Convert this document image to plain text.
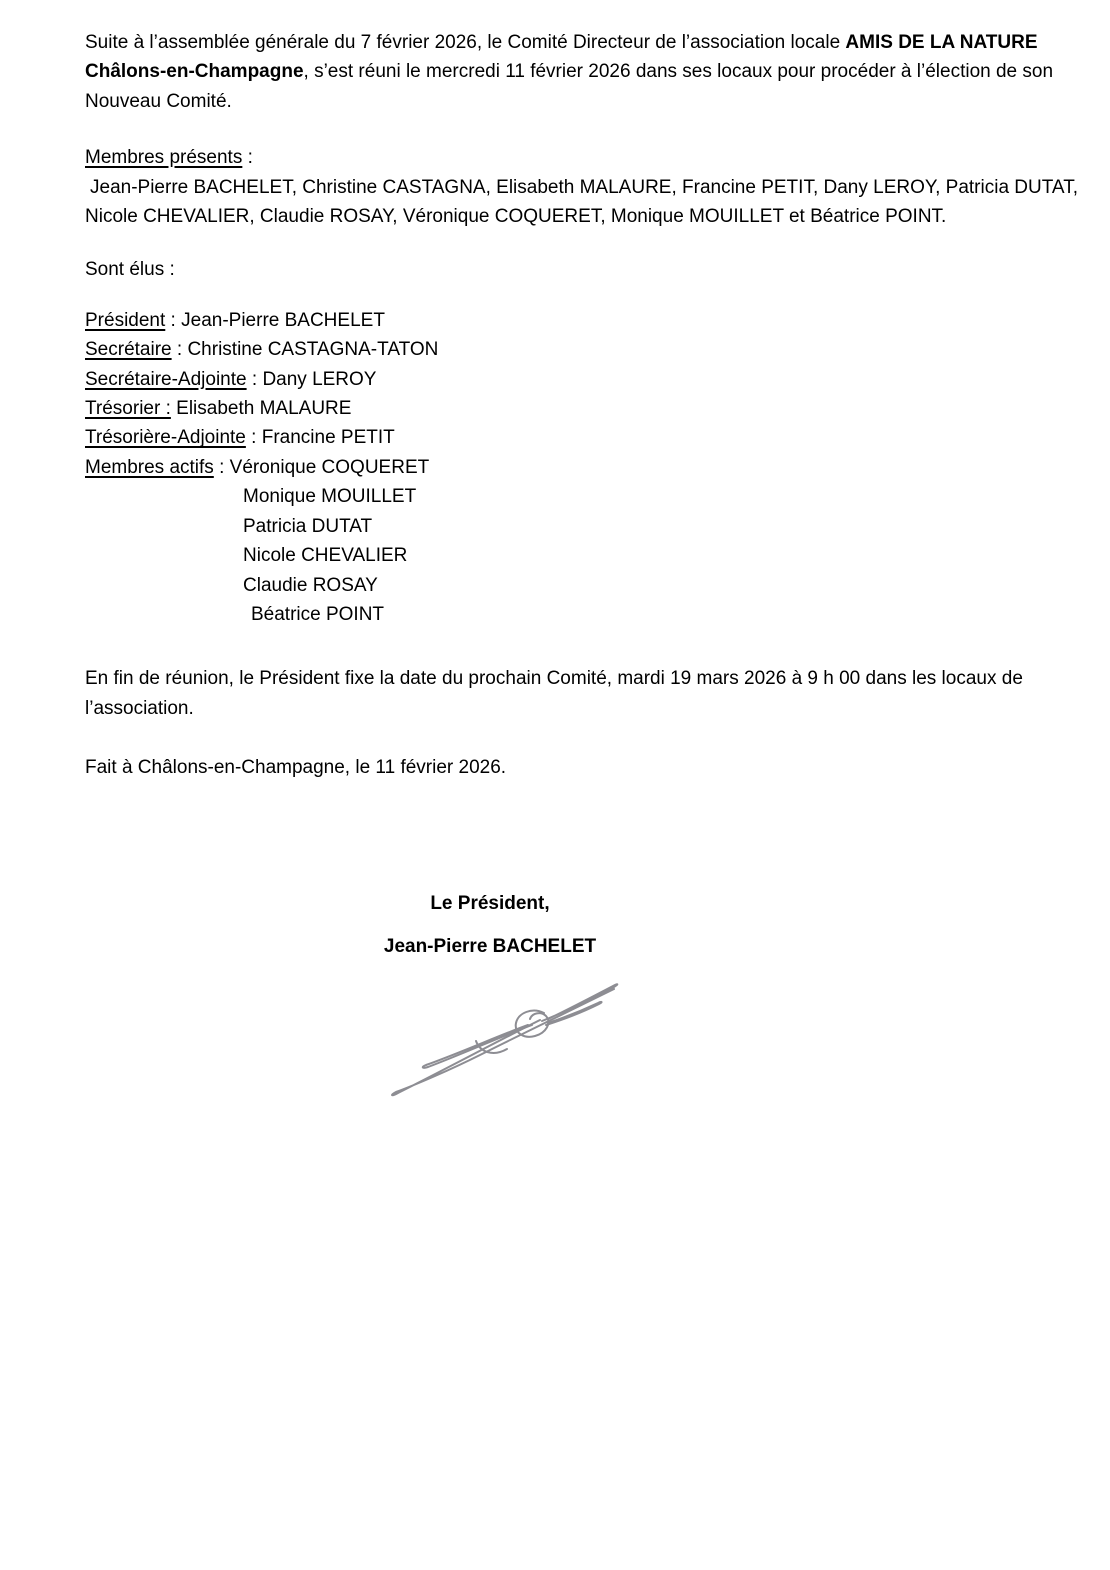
Suite à l’assemblée générale du 7 février 2026, le Comité Directeur de l’association locale AMIS DE LA NATURE Châlons-en-Champagne, s’est réuni le mercredi 11 février 2026 dans ses locaux pour procéder à l’élection de son Nouveau Comité.

Membres présents :

Jean-Pierre BACHELET, Christine CASTAGNA, Elisabeth MALAURE, Francine PETIT, Dany LEROY, Patricia DUTAT, Nicole CHEVALIER, Claudie ROSAY, Véronique COQUERET, Monique MOUILLET et Béatrice POINT.

Sont élus :

Président : Jean-Pierre BACHELET
Secrétaire : Christine CASTAGNA-TATON
Secrétaire-Adjointe : Dany LEROY
Trésorier : Elisabeth MALAURE
Trésorière-Adjointe : Francine PETIT
Membres actifs : Véronique COQUERET
Monique MOUILLET
Patricia DUTAT
Nicole CHEVALIER
Claudie ROSAY
Béatrice POINT

En fin de réunion, le Président fixe la date du prochain Comité, mardi 19 mars 2026 à 9 h 00 dans les locaux de l’association.

Fait à Châlons-en-Champagne, le 11 février 2026.

Le Président,
Jean-Pierre BACHELET
